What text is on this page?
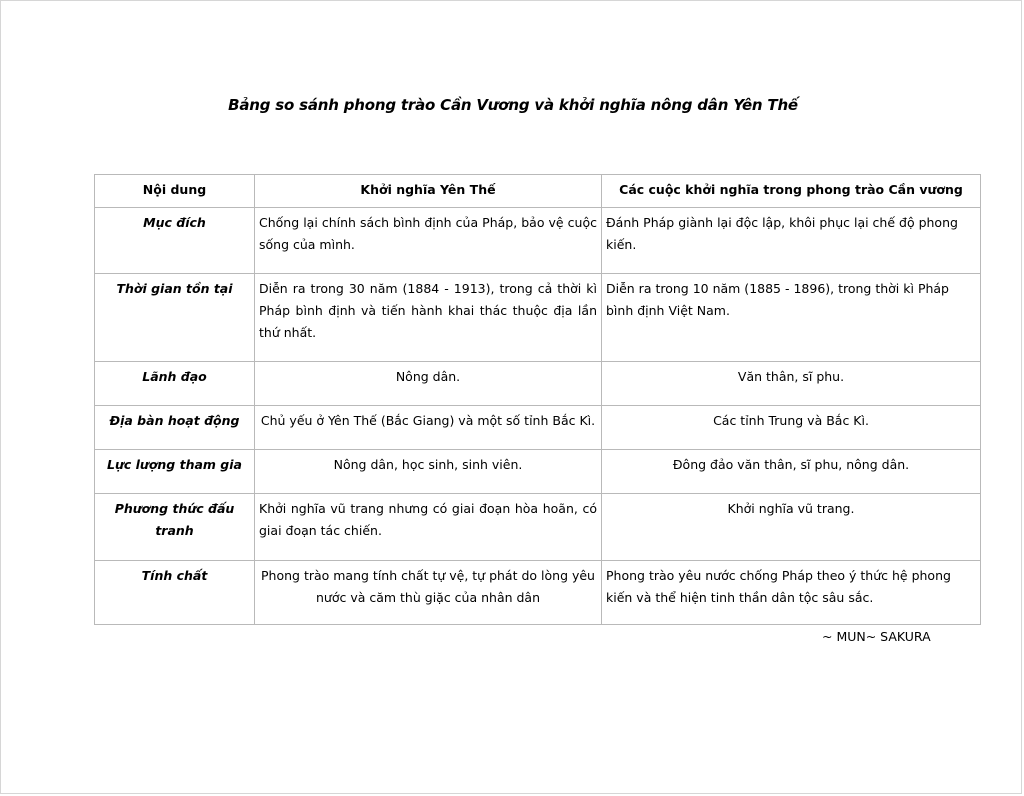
Bảng so sánh phong trào Cần Vương và khởi nghĩa nông dân Yên Thế
Nội dung	Khởi nghĩa Yên Thế	Các cuộc khởi nghĩa trong phong trào Cần vương
Mục đích	Chống lại chính sách bình định của Pháp, bảo vệ cuộc sống của mình.	Đánh Pháp giành lại độc lập, khôi phục lại chế độ phong kiến.
Thời gian tồn tại	Diễn ra trong 30 năm (1884 - 1913), trong cả thời kì Pháp bình định và tiến hành khai thác thuộc địa lần thứ nhất.	Diễn ra trong 10 năm (1885 - 1896), trong thời kì Pháp bình định Việt Nam.
Lãnh đạo	Nông dân.	Văn thân, sĩ phu.
Địa bàn hoạt động	Chủ yếu ở Yên Thế (Bắc Giang) và một số tỉnh Bắc Kì.	Các tỉnh Trung và Bắc Kì.
Lực lượng tham gia	Nông dân, học sinh, sinh viên.	Đông đảo văn thân, sĩ phu, nông dân.
Phương thức đấu tranh	Khởi nghĩa vũ trang nhưng có giai đoạn hòa hoãn, có giai đoạn tác chiến.	Khởi nghĩa vũ trang.
Tính chất	Phong trào mang tính chất tự vệ, tự phát do lòng yêu nước và căm thù giặc của nhân dân	Phong trào yêu nước chống Pháp theo ý thức hệ phong kiến và thể hiện tinh thần dân tộc sâu sắc.
~ MUN~ SAKURA
